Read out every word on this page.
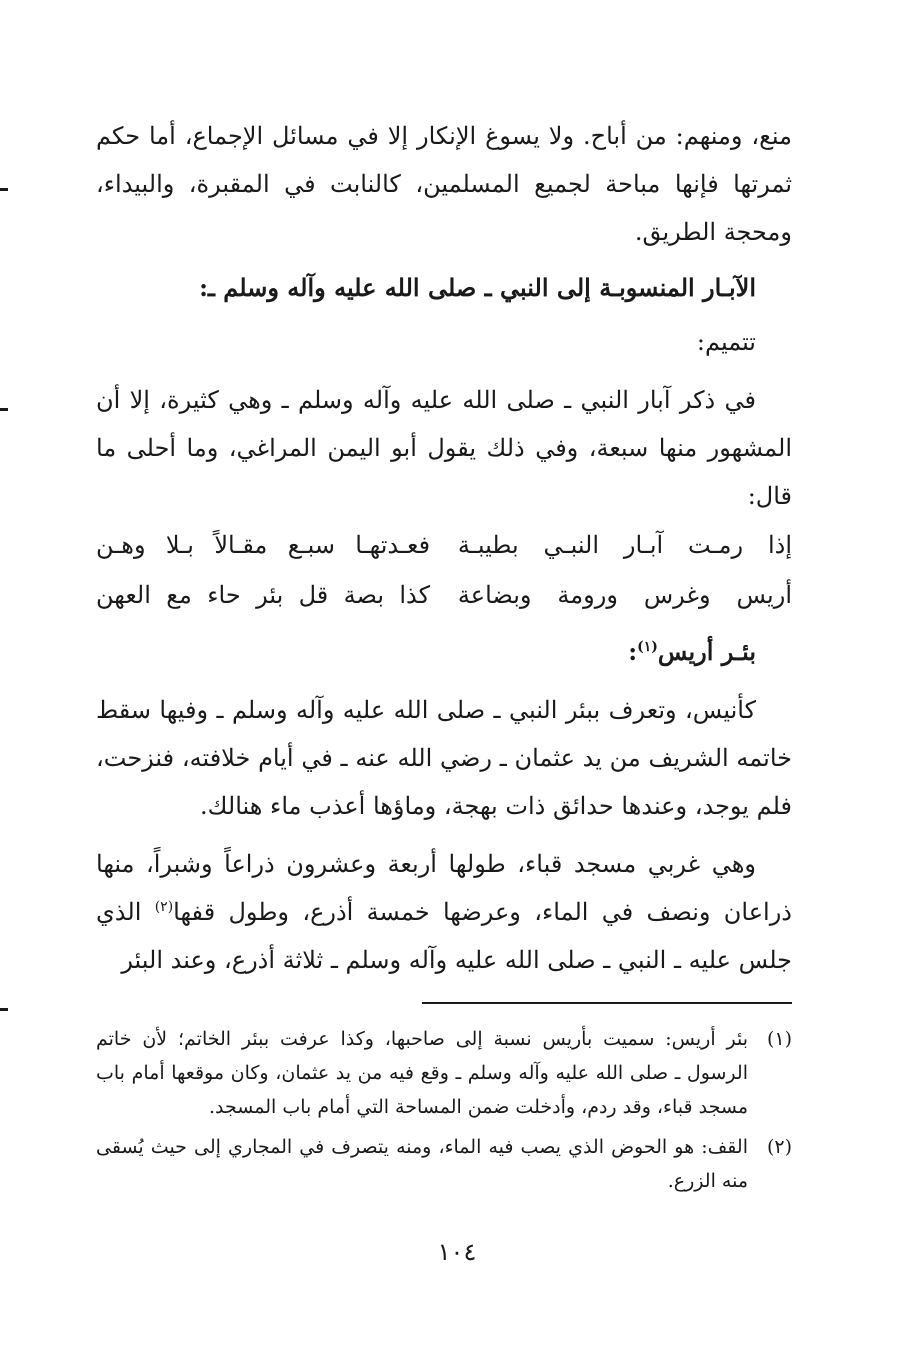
منع، ومنهم: من أباح. ولا يسوغ الإنكار إلا في مسائل الإجماع، أما حكم ثمرتها فإنها مباحة لجميع المسلمين، كالنابت في المقبرة، والبيداء، ومحجة الطريق.

الآبـار المنسوبـة إلى النبي ـ صلى الله عليه وآله وسلم ـ:

تتميم:

في ذكر آبار النبي ـ صلى الله عليه وآله وسلم ـ وهي كثيرة، إلا أن المشهور منها سبعة، وفي ذلك يقول أبو اليمن المراغي، وما أحلى ما قال:

إذا رمـت آبـار النبـي بطيبـة
فعـدتهـا سبـع مقـالاً بـلا وهـن
أريس وغرس ورومة وبضاعة
كذا بصة قل بئر حاء مع العهن

بئـر أريس$^{(١)}$:

كأنيس، وتعرف ببئر النبي ـ صلى الله عليه وآله وسلم ـ وفيها سقط خاتمه الشريف من يد عثمان ـ رضي الله عنه ـ في أيام خلافته، فنزحت، فلم يوجد، وعندها حدائق ذات بهجة، وماؤها أعذب ماء هنالك.

وهي غربي مسجد قباء، طولها أربعة وعشرون ذراعاً وشبراً، منها ذراعان ونصف في الماء، وعرضها خمسة أذرع، وطول قفها$^{(٢)}$ الذي جلس عليه ـ النبي ـ صلى الله عليه وآله وسلم ـ ثلاثة أذرع، وعند البئر

(١)
بئر أريس: سميت بأريس نسبة إلى صاحبها، وكذا عرفت ببئر الخاتم؛ لأن خاتم الرسول ـ صلى الله عليه وآله وسلم ـ وقع فيه من يد عثمان، وكان موقعها أمام باب مسجد قباء، وقد ردم، وأدخلت ضمن المساحة التي أمام باب المسجد.
(٢)
القف: هو الحوض الذي يصب فيه الماء، ومنه يتصرف في المجاري إلى حيث يُسقى منه الزرع.
١٠٤
